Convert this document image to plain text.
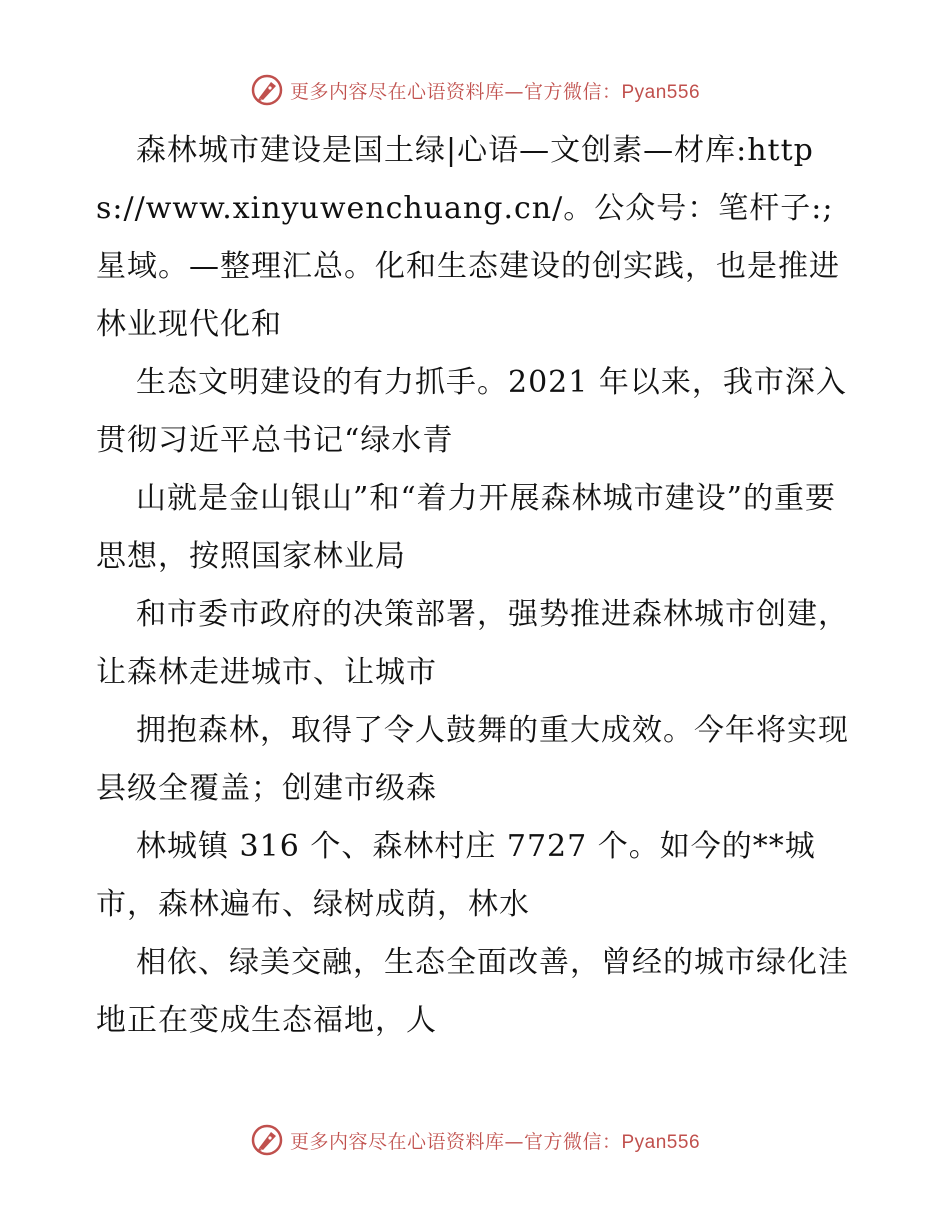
更多内容尽在心语资料库—官方微信：Pyan556

森林城市建设是国土绿|心语—文创素—材库:https://www.xinyuwenchuang.cn/。公众号：笔杆子:;星域。—整理汇总。化和生态建设的创实践，也是推进林业现代化和

生态文明建设的有力抓手。2021 年以来，我市深入贯彻习近平总书记“绿水青

山就是金山银山”和“着力开展森林城市建设”的重要思想，按照国家林业局

和市委市政府的决策部署，强势推进森林城市创建，让森林走进城市、让城市

拥抱森林，取得了令人鼓舞的重大成效。今年将实现县级全覆盖；创建市级森

林城镇 316 个、森林村庄 7727 个。如今的**城市，森林遍布、绿树成荫，林水

相依、绿美交融，生态全面改善，曾经的城市绿化洼地正在变成生态福地，人

更多内容尽在心语资料库—官方微信：Pyan556
